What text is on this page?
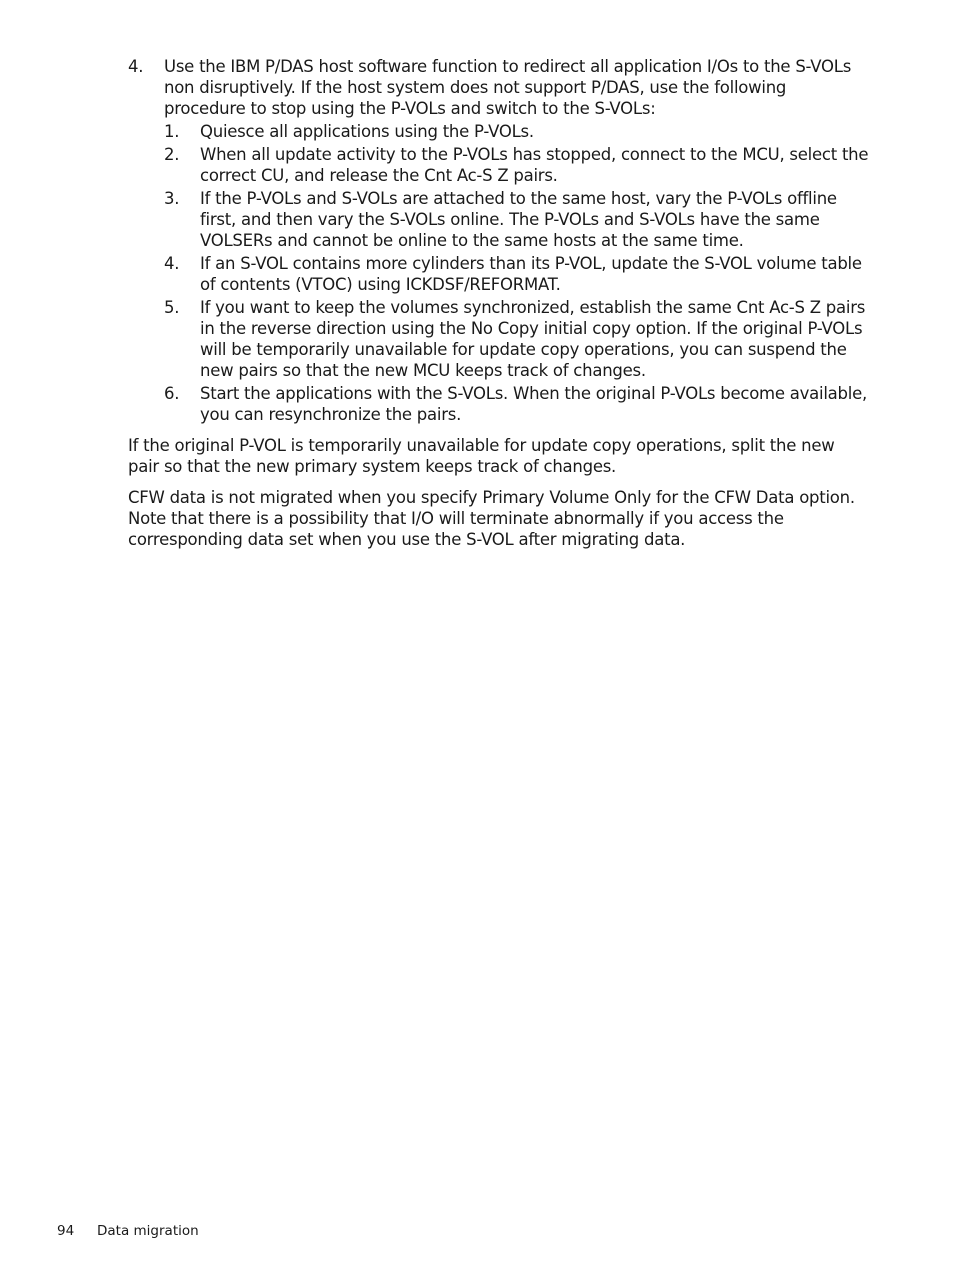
4.	Use the IBM P/DAS host software function to redirect all application I/Os to the S-VOLs non disruptively. If the host system does not support P/DAS, use the following procedure to stop using the P-VOLs and switch to the S-VOLs:
1.	Quiesce all applications using the P-VOLs.
2.	When all update activity to the P-VOLs has stopped, connect to the MCU, select the correct CU, and release the Cnt Ac-S Z pairs.
3.	If the P-VOLs and S-VOLs are attached to the same host, vary the P-VOLs offline first, and then vary the S-VOLs online. The P-VOLs and S-VOLs have the same VOLSERs and cannot be online to the same hosts at the same time.
4.	If an S-VOL contains more cylinders than its P-VOL, update the S-VOL volume table of contents (VTOC) using ICKDSF/REFORMAT.
5.	If you want to keep the volumes synchronized, establish the same Cnt Ac-S Z pairs in the reverse direction using the No Copy initial copy option. If the original P-VOLs will be temporarily unavailable for update copy operations, you can suspend the new pairs so that the new MCU keeps track of changes.
6.	Start the applications with the S-VOLs. When the original P-VOLs become available, you can resynchronize the pairs.

If the original P-VOL is temporarily unavailable for update copy operations, split the new pair so that the new primary system keeps track of changes.

CFW data is not migrated when you specify Primary Volume Only for the CFW Data option. Note that there is a possibility that I/O will terminate abnormally if you access the corresponding data set when you use the S-VOL after migrating data.

94 Data migration
